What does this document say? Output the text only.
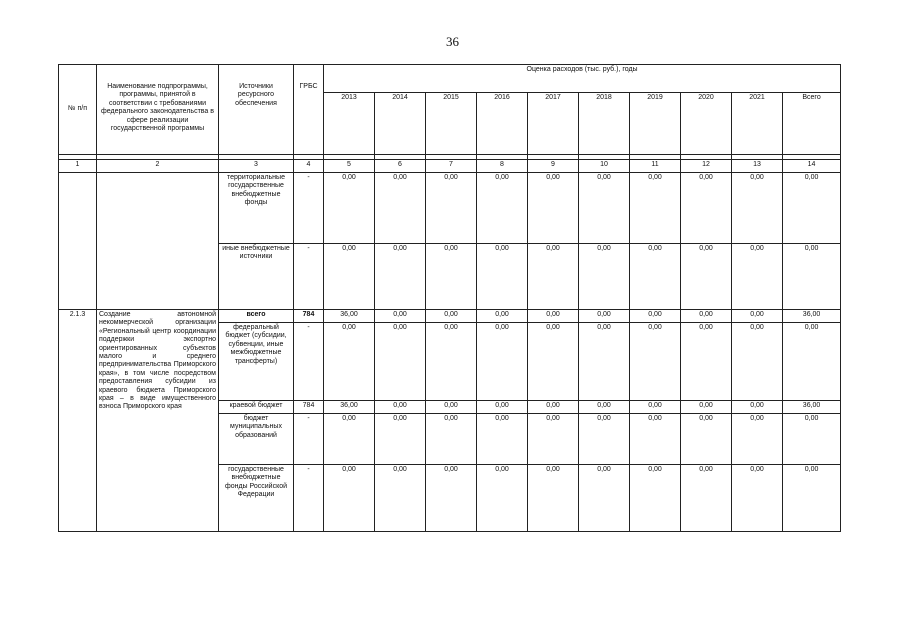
36
№ п/п	Наименование подпрограммы, программы, принятой в соответствии с требованиями федерального законодательства в сфере реализации государственной программы	Источники ресурсного обеспечения	ГРБС	Оценка расходов (тыс. руб.), годы									
				2013	2014	2015	2016	2017	2018	2019	2020	2021	Всего

1	2	3	4	5	6	7	8	9	10	11	12	13	14
		территориальные государственные внебюджетные фонды	-	0,00	0,00	0,00	0,00	0,00	0,00	0,00	0,00	0,00	0,00
		иные внебюджетные источники	-	0,00	0,00	0,00	0,00	0,00	0,00	0,00	0,00	0,00	0,00
2.1.3	Создание автономной некоммерческой организации «Региональный центр координации поддержки экспортно ориентированных субъектов малого и среднего предпринимательства Приморского края», в том числе посредством предоставления субсидии из краевого бюджета Приморского края – в виде имущественного взноса Приморского края	всего	784	36,00	0,00	0,00	0,00	0,00	0,00	0,00	0,00	0,00	36,00
		федеральный бюджет (субсидии, субвенции, иные межбюджетные трансферты)	-	0,00	0,00	0,00	0,00	0,00	0,00	0,00	0,00	0,00	0,00
		краевой бюджет	784	36,00	0,00	0,00	0,00	0,00	0,00	0,00	0,00	0,00	36,00
		бюджет муниципальных образований	-	0,00	0,00	0,00	0,00	0,00	0,00	0,00	0,00	0,00	0,00
		государственные внебюджетные фонды Российской Федерации	-	0,00	0,00	0,00	0,00	0,00	0,00	0,00	0,00	0,00	0,00
